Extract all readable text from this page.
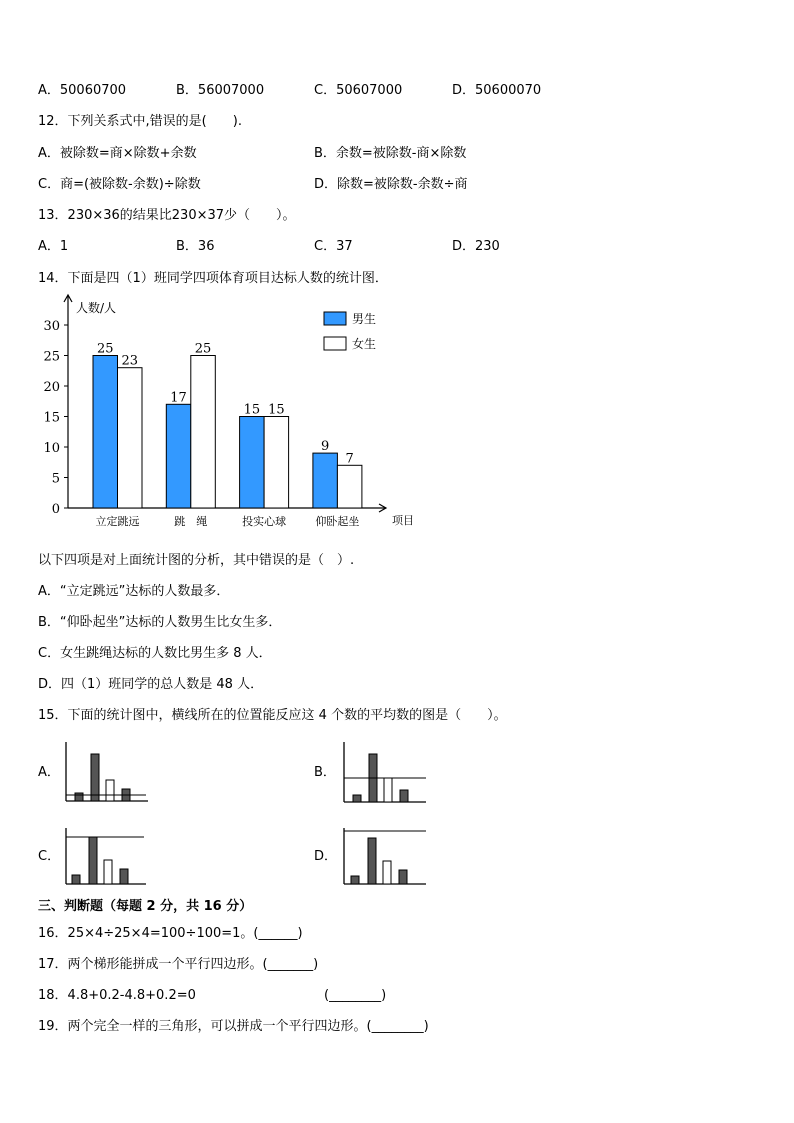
A．50060700	B．56007000	C．50607000	D．50600070
12．下列关系式中,错误的是(　　).
A．被除数=商×除数+余数	B．余数=被除数-商×除数
C．商=(被除数-余数)÷除数	D．除数=被除数-余数÷商
13．230×36的结果比230×37少（　　）。
A．1	B．36	C．37	D．230
14．下面是四（1）班同学四项体育项目达标人数的统计图．
人数/人
项目
0
5
10
15
20
25
30
25
23
立定跳远
17
25
跳　绳
15 15
投实心球
9
7
仰卧起坐
男生
女生
以下四项是对上面统计图的分析，其中错误的是（　）.
A．“立定跳远”达标的人数最多．
B．“仰卧起坐”达标的人数男生比女生多．
C．女生跳绳达标的人数比男生多 8 人．
D．四（1）班同学的总人数是 48 人．
15．下面的统计图中，横线所在的位置能反应这 4 个数的平均数的图是（　　）。
A．	B．
C．	D．
三、判断题（每题 2 分，共 16 分）
16．25×4÷25×4=100÷100=1。(______)
17．两个梯形能拼成一个平行四边形。(_______)
18．4.8+0.2-4.8+0.2=0	(________)
19．两个完全一样的三角形，可以拼成一个平行四边形。(________)
